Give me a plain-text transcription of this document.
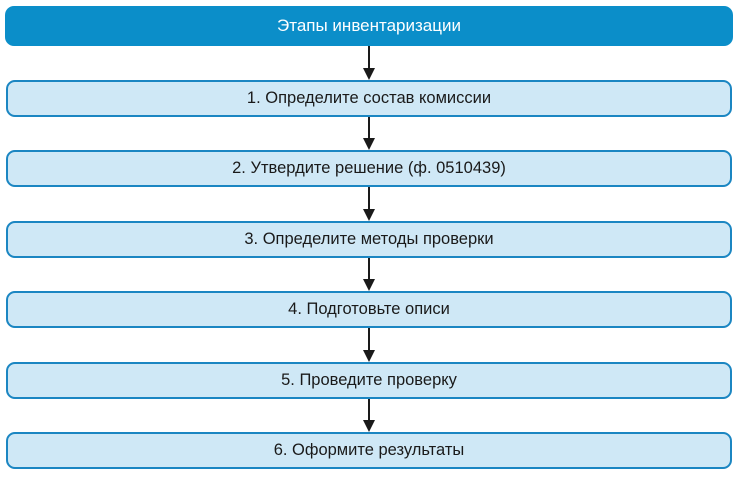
Этапы инвентаризации
1. Определите состав комиссии
2. Утвердите решение (ф. 0510439)
3. Определите методы проверки
4. Подготовьте описи
5. Проведите проверку
6. Оформите результаты
